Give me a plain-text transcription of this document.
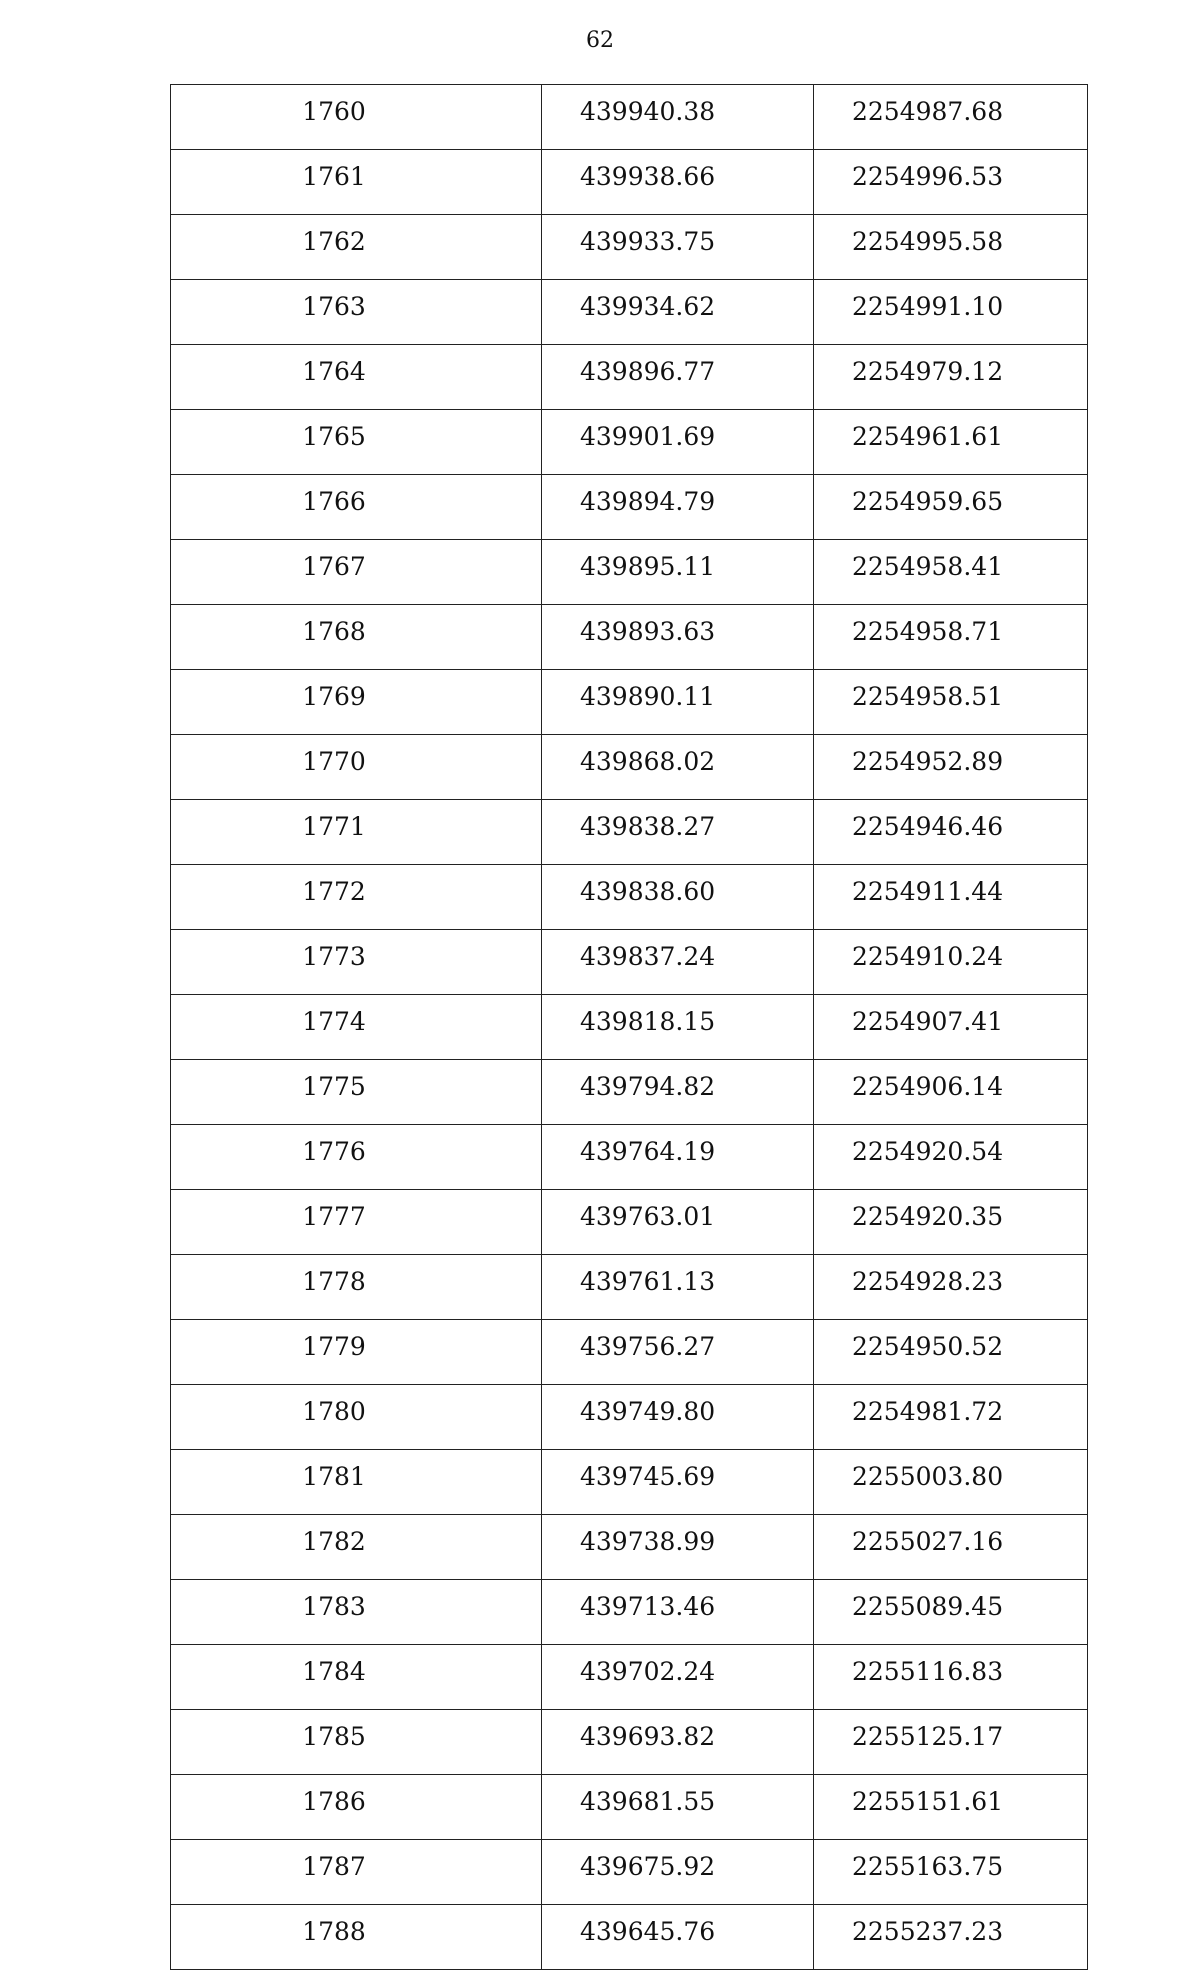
62
1760	439940.38	2254987.68
1761	439938.66	2254996.53
1762	439933.75	2254995.58
1763	439934.62	2254991.10
1764	439896.77	2254979.12
1765	439901.69	2254961.61
1766	439894.79	2254959.65
1767	439895.11	2254958.41
1768	439893.63	2254958.71
1769	439890.11	2254958.51
1770	439868.02	2254952.89
1771	439838.27	2254946.46
1772	439838.60	2254911.44
1773	439837.24	2254910.24
1774	439818.15	2254907.41
1775	439794.82	2254906.14
1776	439764.19	2254920.54
1777	439763.01	2254920.35
1778	439761.13	2254928.23
1779	439756.27	2254950.52
1780	439749.80	2254981.72
1781	439745.69	2255003.80
1782	439738.99	2255027.16
1783	439713.46	2255089.45
1784	439702.24	2255116.83
1785	439693.82	2255125.17
1786	439681.55	2255151.61
1787	439675.92	2255163.75
1788	439645.76	2255237.23
